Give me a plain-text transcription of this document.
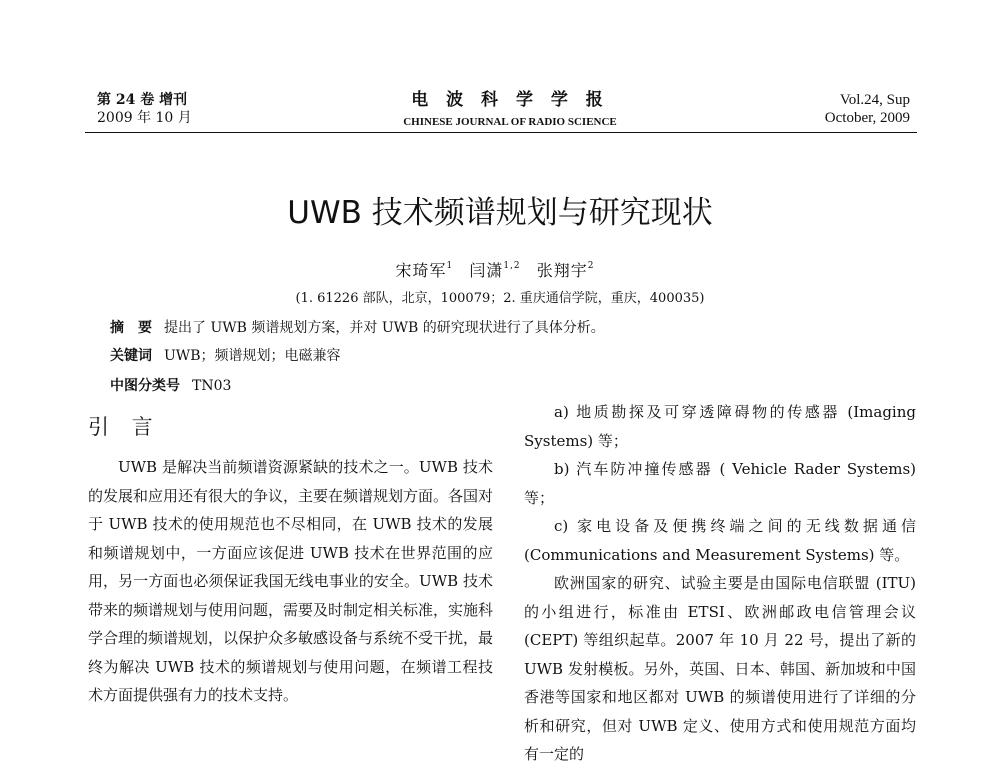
第 24 卷 增刊
2009 年 10 月
电 波 科 学 学 报
CHINESE JOURNAL OF RADIO SCIENCE
Vol.24, Sup
October, 2009
UWB 技术频谱规划与研究现状
宋琦军$^1$ 闫潇$^{1,2}$ 张翔宇$^2$
(1. 61226 部队，北京，100079；2. 重庆通信学院，重庆，400035)
摘　要 提出了 UWB 频谱规划方案，并对 UWB 的研究现状进行了具体分析。
关键词 UWB；频谱规划；电磁兼容
中图分类号 TN03
引 言
UWB 是解决当前频谱资源紧缺的技术之一。UWB 技术的发展和应用还有很大的争议，主要在频谱规划方面。各国对于 UWB 技术的使用规范也不尽相同，在 UWB 技术的发展和频谱规划中，一方面应该促进 UWB 技术在世界范围的应用，另一方面也必须保证我国无线电事业的安全。UWB 技术带来的频谱规划与使用问题，需要及时制定相关标准，实施科学合理的频谱规划，以保护众多敏感设备与系统不受干扰，最终为解决 UWB 技术的频谱规划与使用问题，在频谱工程技术方面提供强有力的技术支持。
a) 地质勘探及可穿透障碍物的传感器 (Imaging Systems) 等；
b) 汽车防冲撞传感器 ( Vehicle Rader Systems) 等；
c) 家电设备及便携终端之间的无线数据通信 (Communications and Measurement Systems) 等。
欧洲国家的研究、试验主要是由国际电信联盟 (ITU) 的小组进行，标准由 ETSI、欧洲邮政电信管理会议 (CEPT) 等组织起草。2007 年 10 月 22 号，提出了新的 UWB 发射模板。另外，英国、日本、韩国、新加坡和中国香港等国家和地区都对 UWB 的频谱使用进行了详细的分析和研究，但对 UWB 定义、使用方式和使用规范方面均有一定的
